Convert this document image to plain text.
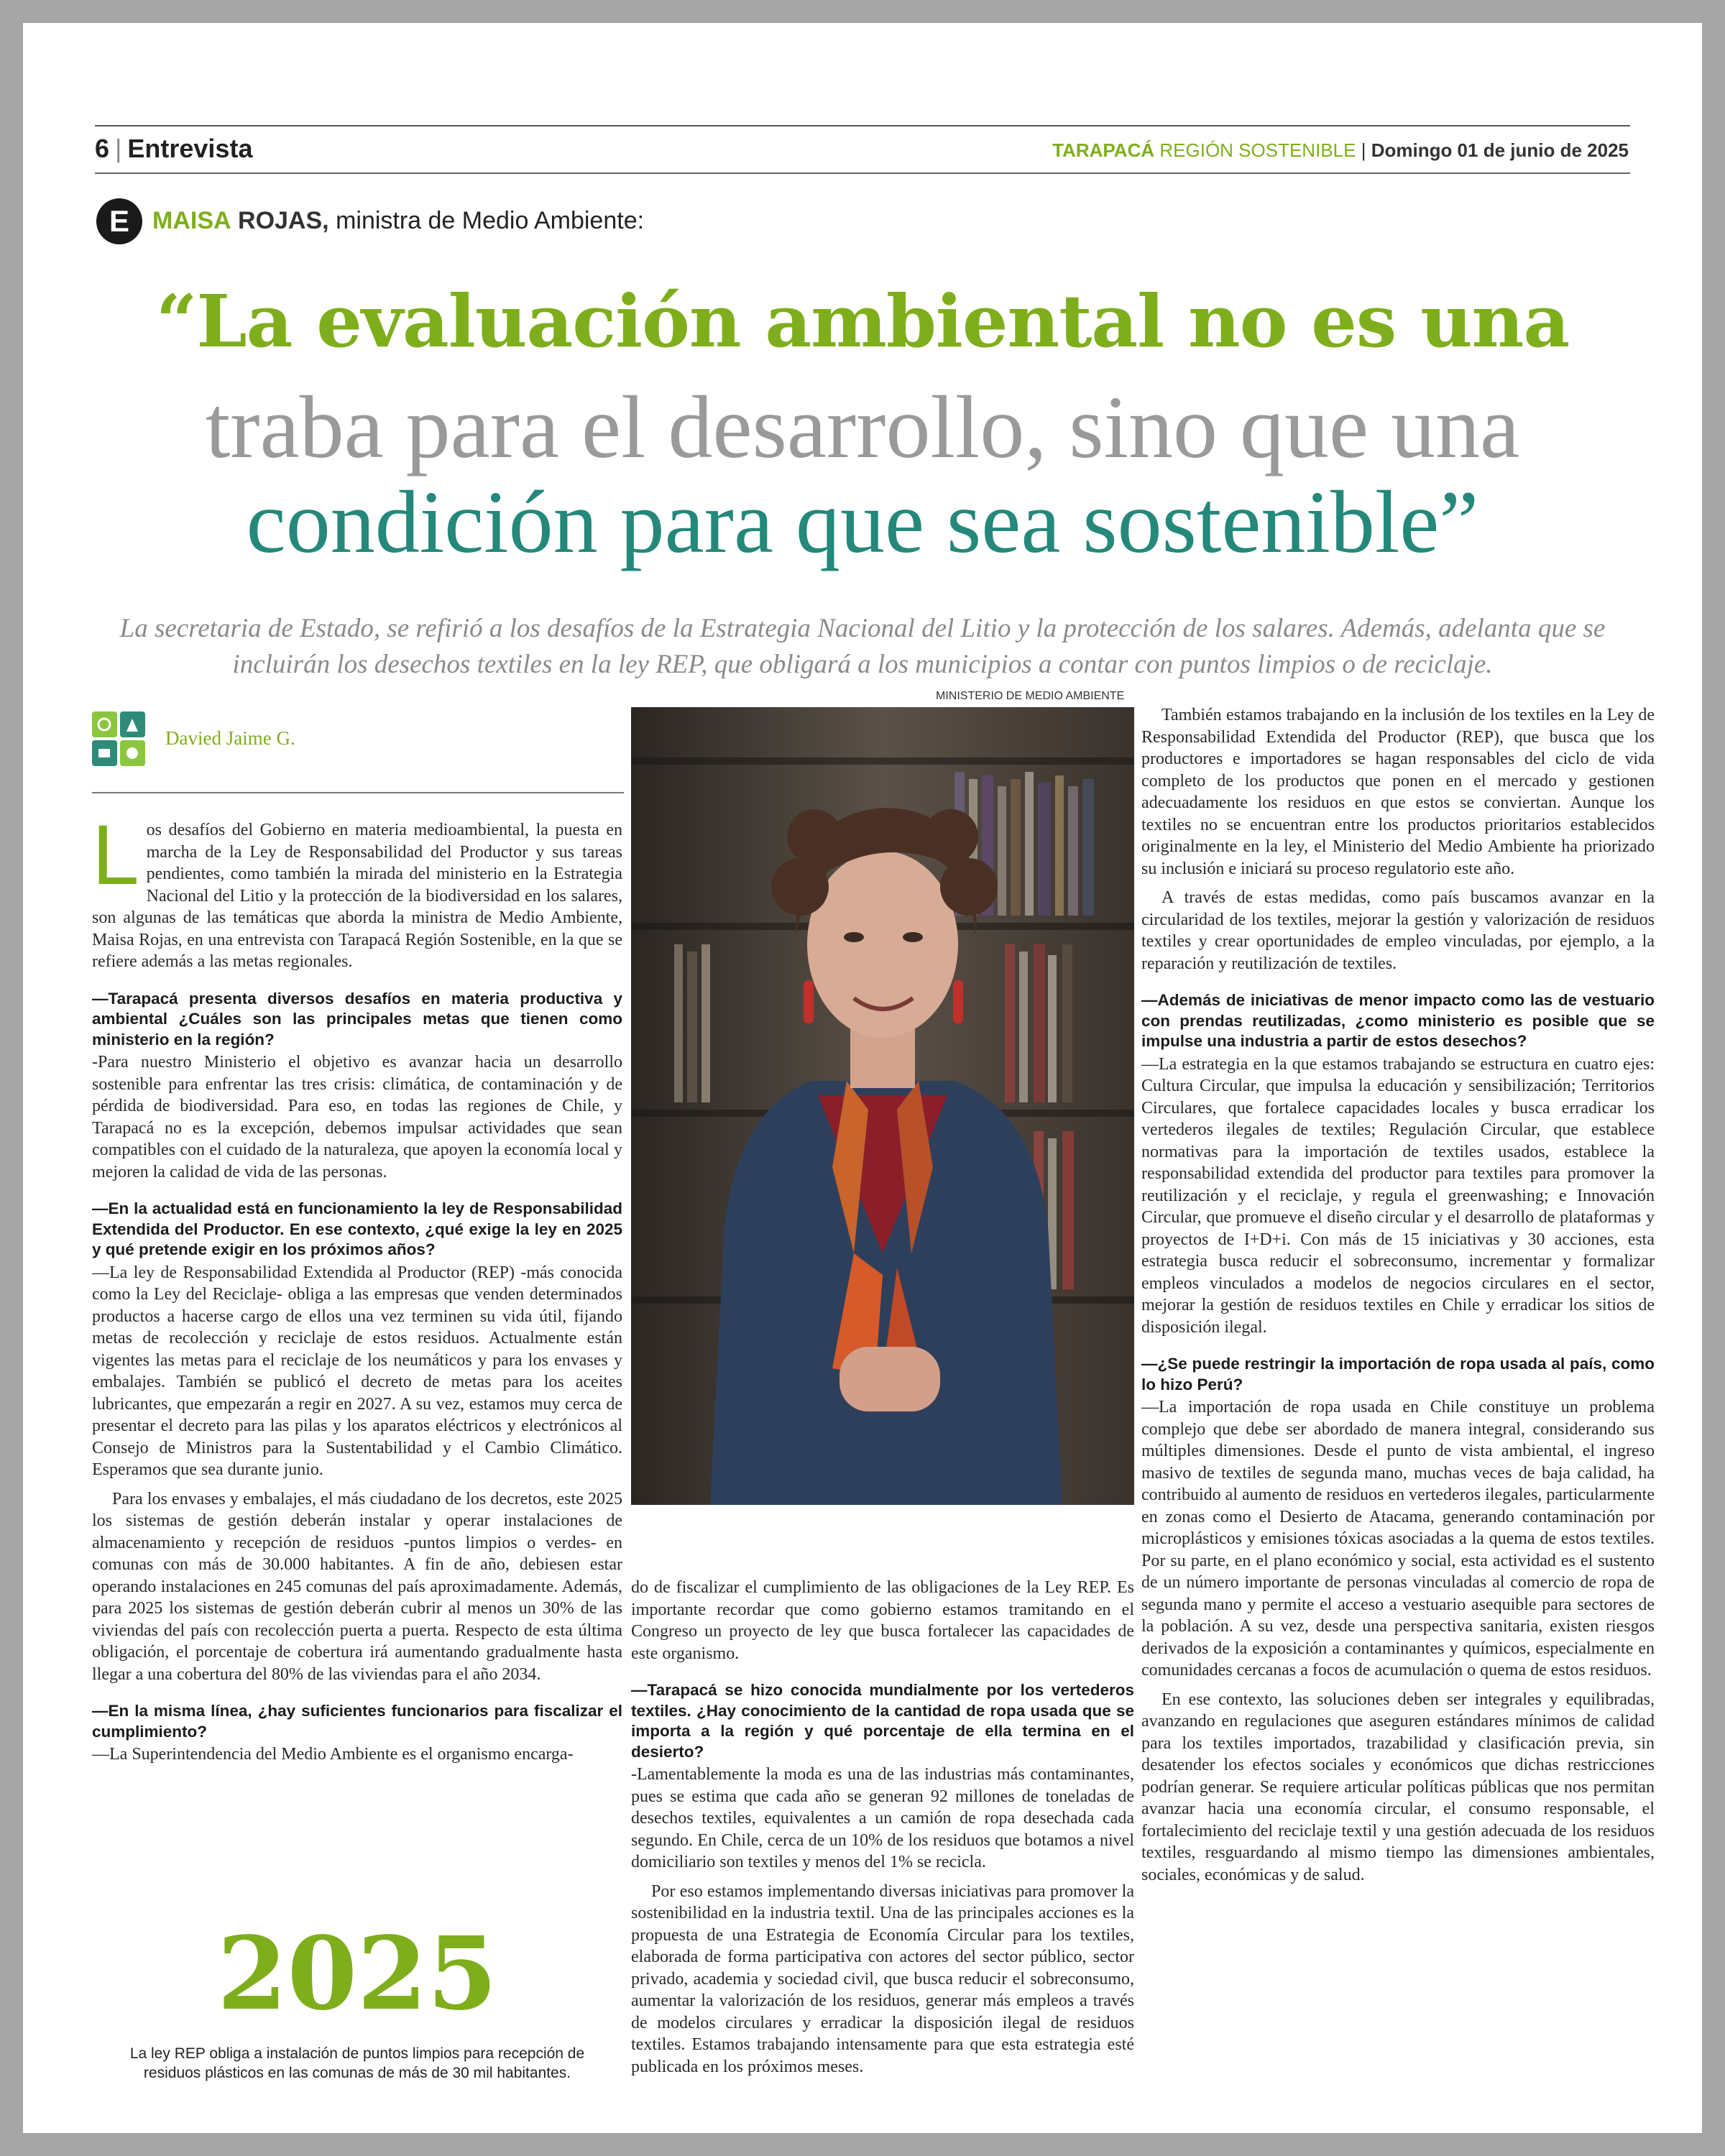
6 | Entrevista	TARAPACÁ REGIÓN SOSTENIBLE | Domingo 01 de junio de 2025
E MAISA ROJAS, ministra de Medio Ambiente:
“La evaluación ambiental no es una
traba para el desarrollo, sino que una
condición para que sea sostenible”
La secretaria de Estado, se refirió a los desafíos de la Estrategia Nacional del Litio y la protección de los salares. Además, adelanta que se incluirán los desechos textiles en la ley REP, que obligará a los municipios a contar con puntos limpios o de reciclaje.
Davied Jaime G.

Los desafíos del Gobierno en materia medioambiental, la puesta en marcha de la Ley de Responsabilidad del Productor y sus tareas pendientes, como también la mirada del ministerio en la Estrategia Nacional del Litio y la protección de la biodiversidad en los salares, son algunas de las temáticas que aborda la ministra de Medio Ambiente, Maisa Rojas, en una entrevista con Tarapacá Región Sostenible, en la que se refiere además a las metas regionales.

—Tarapacá presenta diversos desafíos en materia productiva y ambiental ¿Cuáles son las principales metas que tienen como ministerio en la región?

-Para nuestro Ministerio el objetivo es avanzar hacia un desarrollo sostenible para enfrentar las tres crisis: climática, de contaminación y de pérdida de biodiversidad. Para eso, en todas las regiones de Chile, y Tarapacá no es la excepción, debemos impulsar actividades que sean compatibles con el cuidado de la naturaleza, que apoyen la economía local y mejoren la calidad de vida de las personas.

—En la actualidad está en funcionamiento la ley de Responsabilidad Extendida del Productor. En ese contexto, ¿qué exige la ley en 2025 y qué pretende exigir en los próximos años?

—La ley de Responsabilidad Extendida al Productor (REP) -más conocida como la Ley del Reciclaje- obliga a las empresas que venden determinados productos a hacerse cargo de ellos una vez terminen su vida útil, fijando metas de recolección y reciclaje de estos residuos. Actualmente están vigentes las metas para el reciclaje de los neumáticos y para los envases y embalajes. También se publicó el decreto de metas para los aceites lubricantes, que empezarán a regir en 2027. A su vez, estamos muy cerca de presentar el decreto para las pilas y los aparatos eléctricos y electrónicos al Consejo de Ministros para la Sustentabilidad y el Cambio Climático. Esperamos que sea durante junio.

Para los envases y embalajes, el más ciudadano de los decretos, este 2025 los sistemas de gestión deberán instalar y operar instalaciones de almacenamiento y recepción de residuos -puntos limpios o verdes- en comunas con más de 30.000 habitantes. A fin de año, debiesen estar operando instalaciones en 245 comunas del país aproximadamente. Además, para 2025 los sistemas de gestión deberán cubrir al menos un 30% de las viviendas del país con recolección puerta a puerta. Respecto de esta última obligación, el porcentaje de cobertura irá aumentando gradualmente hasta llegar a una cobertura del 80% de las viviendas para el año 2034.

—En la misma línea, ¿hay suficientes funcionarios para fiscalizar el cumplimiento?

—La Superintendencia del Medio Ambiente es el organismo encarga-

MINISTERIO DE MEDIO AMBIENTE

do de fiscalizar el cumplimiento de las obligaciones de la Ley REP. Es importante recordar que como gobierno estamos tramitando en el Congreso un proyecto de ley que busca fortalecer las capacidades de este organismo.

—Tarapacá se hizo conocida mundialmente por los vertederos textiles. ¿Hay conocimiento de la cantidad de ropa usada que se importa a la región y qué porcentaje de ella termina en el desierto?

-Lamentablemente la moda es una de las industrias más contaminantes, pues se estima que cada año se generan 92 millones de toneladas de desechos textiles, equivalentes a un camión de ropa desechada cada segundo. En Chile, cerca de un 10% de los residuos que botamos a nivel domiciliario son textiles y menos del 1% se recicla.

Por eso estamos implementando diversas iniciativas para promover la sostenibilidad en la industria textil. Una de las principales acciones es la propuesta de una Estrategia de Economía Circular para los textiles, elaborada de forma participativa con actores del sector público, sector privado, academia y sociedad civil, que busca reducir el sobreconsumo, aumentar la valorización de los residuos, generar más empleos a través de modelos circulares y erradicar la disposición ilegal de residuos textiles. Estamos trabajando intensamente para que esta estrategia esté publicada en los próximos meses.

También estamos trabajando en la inclusión de los textiles en la Ley de Responsabilidad Extendida del Productor (REP), que busca que los productores e importadores se hagan responsables del ciclo de vida completo de los productos que ponen en el mercado y gestionen adecuadamente los residuos en que estos se conviertan. Aunque los textiles no se encuentran entre los productos prioritarios establecidos originalmente en la ley, el Ministerio del Medio Ambiente ha priorizado su inclusión e iniciará su proceso regulatorio este año.

A través de estas medidas, como país buscamos avanzar en la circularidad de los textiles, mejorar la gestión y valorización de residuos textiles y crear oportunidades de empleo vinculadas, por ejemplo, a la reparación y reutilización de textiles.

—Además de iniciativas de menor impacto como las de vestuario con prendas reutilizadas, ¿como ministerio es posible que se impulse una industria a partir de estos desechos?

—La estrategia en la que estamos trabajando se estructura en cuatro ejes: Cultura Circular, que impulsa la educación y sensibilización; Territorios Circulares, que fortalece capacidades locales y busca erradicar los vertederos ilegales de textiles; Regulación Circular, que establece normativas para la importación de textiles usados, establece la responsabilidad extendida del productor para textiles para promover la reutilización y el reciclaje, y regula el greenwashing; e Innovación Circular, que promueve el diseño circular y el desarrollo de plataformas y proyectos de I+D+i. Con más de 15 iniciativas y 30 acciones, esta estrategia busca reducir el sobreconsumo, incrementar y formalizar empleos vinculados a modelos de negocios circulares en el sector, mejorar la gestión de residuos textiles en Chile y erradicar los sitios de disposición ilegal.

—¿Se puede restringir la importación de ropa usada al país, como lo hizo Perú?

—La importación de ropa usada en Chile constituye un problema complejo que debe ser abordado de manera integral, considerando sus múltiples dimensiones. Desde el punto de vista ambiental, el ingreso masivo de textiles de segunda mano, muchas veces de baja calidad, ha contribuido al aumento de residuos en vertederos ilegales, particularmente en zonas como el Desierto de Atacama, generando contaminación por microplásticos y emisiones tóxicas asociadas a la quema de estos textiles. Por su parte, en el plano económico y social, esta actividad es el sustento de un número importante de personas vinculadas al comercio de ropa de segunda mano y permite el acceso a vestuario asequible para sectores de la población. A su vez, desde una perspectiva sanitaria, existen riesgos derivados de la exposición a contaminantes y químicos, especialmente en comunidades cercanas a focos de acumulación o quema de estos residuos.

En ese contexto, las soluciones deben ser integrales y equilibradas, avanzando en regulaciones que aseguren estándares mínimos de calidad para los textiles importados, trazabilidad y clasificación previa, sin desatender los efectos sociales y económicos que dichas restricciones podrían generar. Se requiere articular políticas públicas que nos permitan avanzar hacia una economía circular, el consumo responsable, el fortalecimiento del reciclaje textil y una gestión adecuada de los residuos textiles, resguardando al mismo tiempo las dimensiones ambientales, sociales, económicas y de salud.

2025
La ley REP obliga a instalación de puntos limpios para recepción de residuos plásticos en las comunas de más de 30 mil habitantes.
